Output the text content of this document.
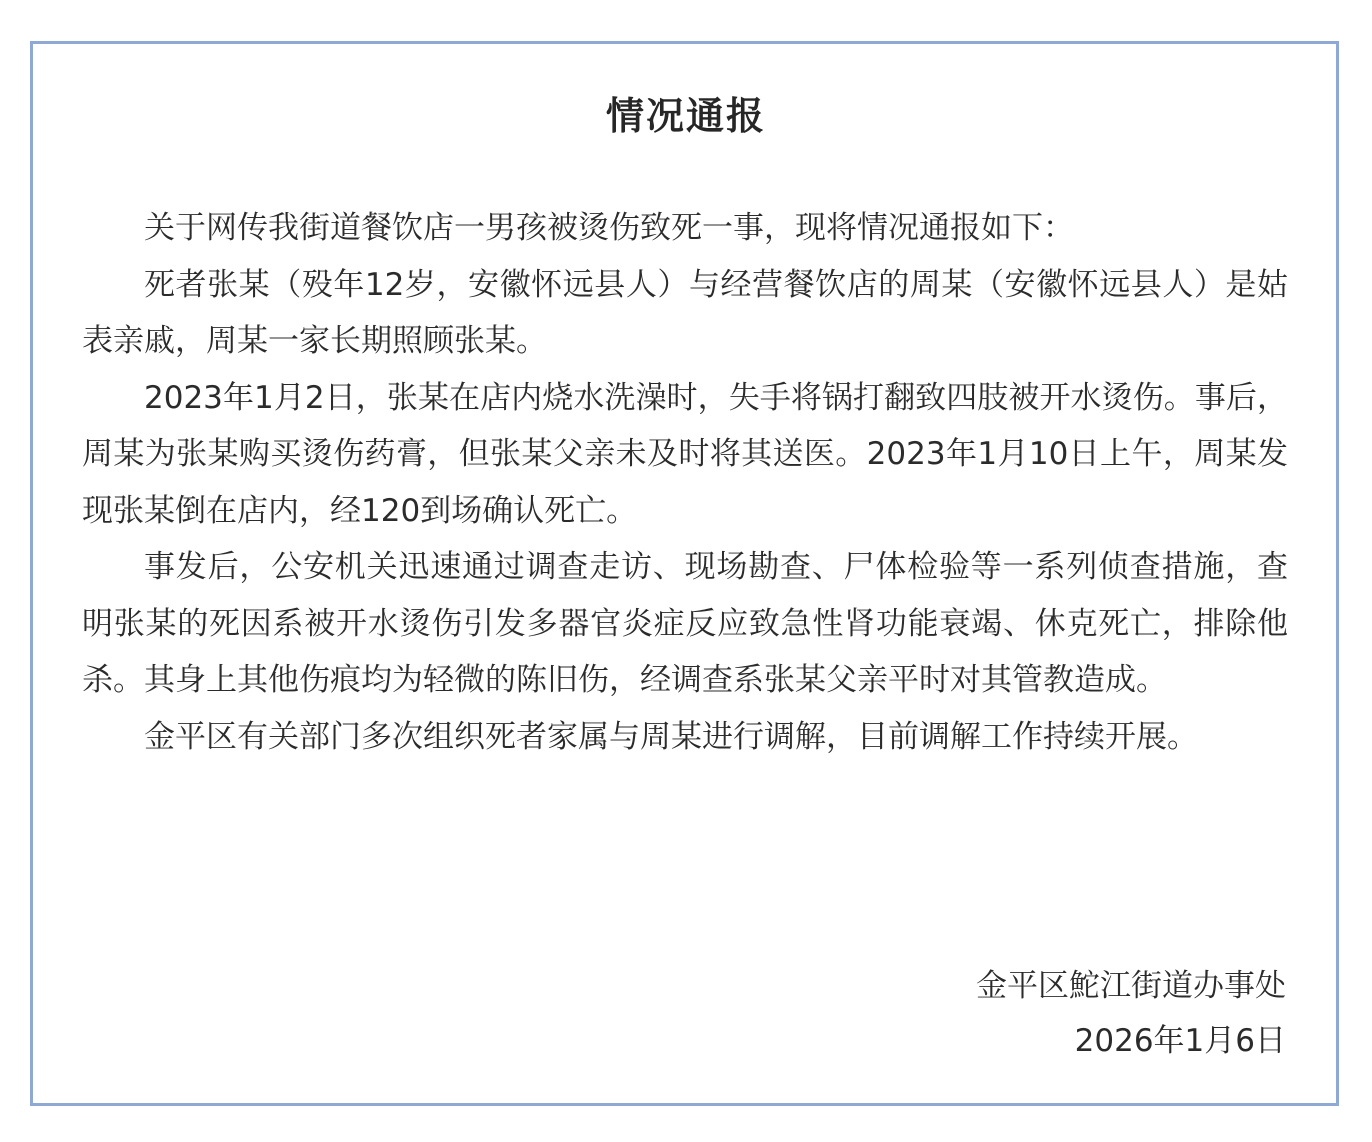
情况通报

关于网传我街道餐饮店一男孩被烫伤致死一事，现将情况通报如下：

死者张某（殁年12岁，安徽怀远县人）与经营餐饮店的周某（安徽怀远县人）是姑表亲戚，周某一家长期照顾张某。

2023年1月2日，张某在店内烧水洗澡时，失手将锅打翻致四肢被开水烫伤。事后，周某为张某购买烫伤药膏，但张某父亲未及时将其送医。2023年1月10日上午，周某发现张某倒在店内，经120到场确认死亡。

事发后，公安机关迅速通过调查走访、现场勘查、尸体检验等一系列侦查措施，查明张某的死因系被开水烫伤引发多器官炎症反应致急性肾功能衰竭、休克死亡，排除他杀。其身上其他伤痕均为轻微的陈旧伤，经调查系张某父亲平时对其管教造成。

金平区有关部门多次组织死者家属与周某进行调解，目前调解工作持续开展。

金平区鮀江街道办事处

2026年1月6日
